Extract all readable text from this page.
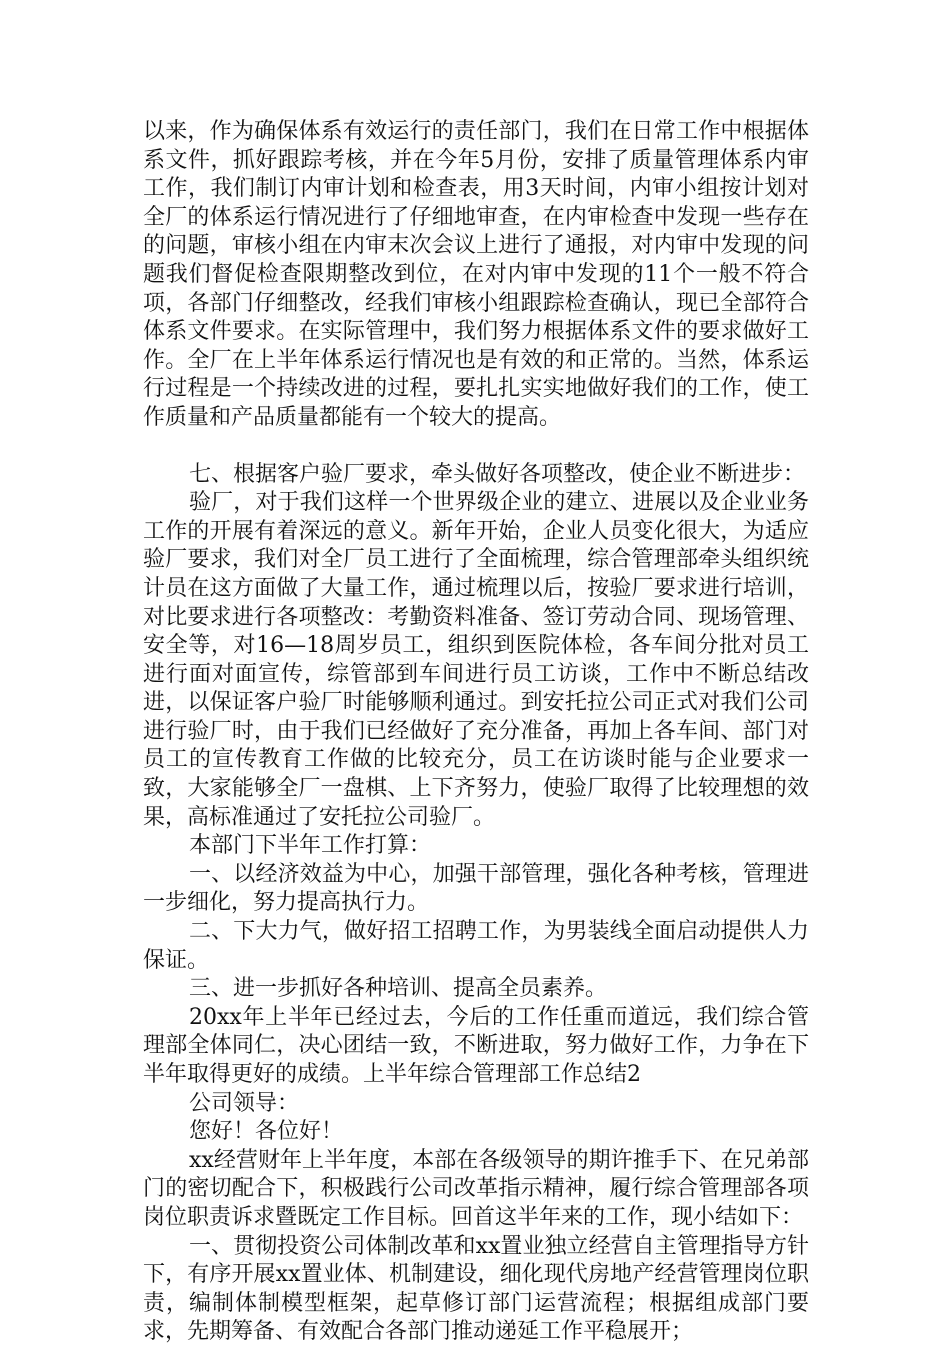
以来，作为确保体系有效运行的责任部门，我们在日常工作中根据体系文件，抓好跟踪考核，并在今年5月份，安排了质量管理体系内审工作，我们制订内审计划和检查表，用3天时间，内审小组按计划对全厂的体系运行情况进行了仔细地审查，在内审检查中发现一些存在的问题，审核小组在内审末次会议上进行了通报，对内审中发现的问题我们督促检查限期整改到位，在对内审中发现的11个一般不符合项，各部门仔细整改，经我们审核小组跟踪检查确认，现已全部符合体系文件要求。在实际管理中，我们努力根据体系文件的要求做好工作。全厂在上半年体系运行情况也是有效的和正常的。当然，体系运行过程是一个持续改进的过程，要扎扎实实地做好我们的工作，使工作质量和产品质量都能有一个较大的提高。

七、根据客户验厂要求，牵头做好各项整改，使企业不断进步：

验厂，对于我们这样一个世界级企业的建立、进展以及企业业务工作的开展有着深远的意义。新年开始，企业人员变化很大，为适应验厂要求，我们对全厂员工进行了全面梳理，综合管理部牵头组织统计员在这方面做了大量工作，通过梳理以后，按验厂要求进行培训，对比要求进行各项整改：考勤资料准备、签订劳动合同、现场管理、安全等，对16—18周岁员工，组织到医院体检，各车间分批对员工进行面对面宣传，综管部到车间进行员工访谈，工作中不断总结改进，以保证客户验厂时能够顺利通过。到安托拉公司正式对我们公司进行验厂时，由于我们已经做好了充分准备，再加上各车间、部门对员工的宣传教育工作做的比较充分，员工在访谈时能与企业要求一致，大家能够全厂一盘棋、上下齐努力，使验厂取得了比较理想的效果，高标准通过了安托拉公司验厂。

本部门下半年工作打算：

一、以经济效益为中心，加强干部管理，强化各种考核，管理进一步细化，努力提高执行力。

二、下大力气，做好招工招聘工作，为男装线全面启动提供人力保证。

三、进一步抓好各种培训、提高全员素养。

20xx年上半年已经过去，今后的工作任重而道远，我们综合管理部全体同仁，决心团结一致，不断进取，努力做好工作，力争在下半年取得更好的成绩。上半年综合管理部工作总结2

公司领导：

您好！各位好！

xx经营财年上半年度，本部在各级领导的期许推手下、在兄弟部门的密切配合下，积极践行公司改革指示精神，履行综合管理部各项岗位职责诉求暨既定工作目标。回首这半年来的工作，现小结如下：

一、贯彻投资公司体制改革和xx置业独立经营自主管理指导方针下，有序开展xx置业体、机制建设，细化现代房地产经营管理岗位职责，编制体制模型框架，起草修订部门运营流程；根据组成部门要求，先期筹备、有效配合各部门推动递延工作平稳展开；
